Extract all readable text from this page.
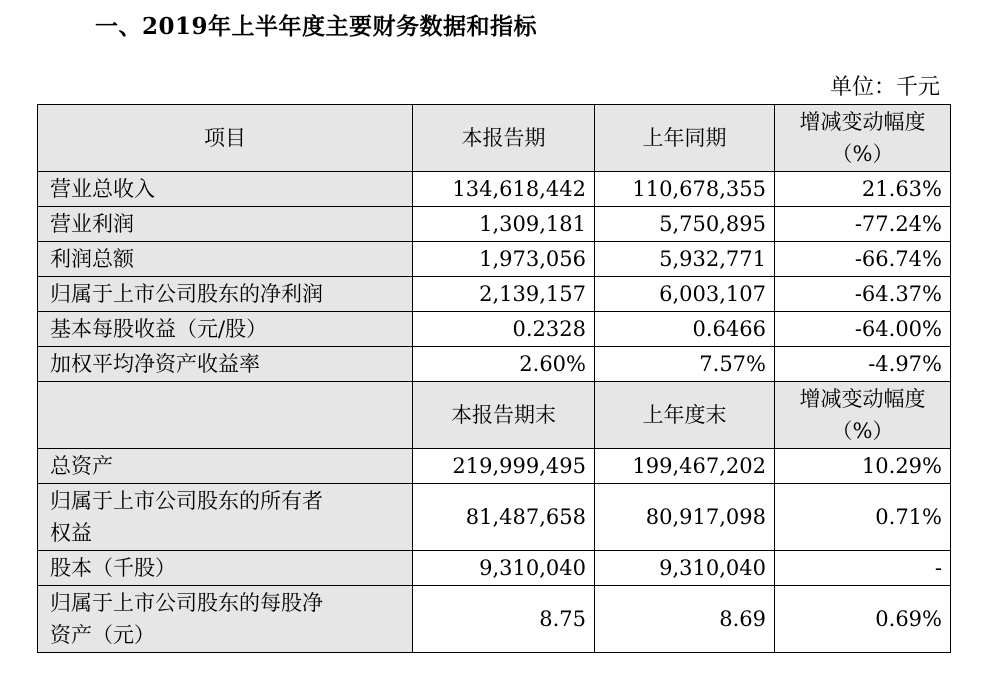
一、2019年上半年度主要财务数据和指标
单位：千元
项目	本报告期	上年同期	增减变动幅度
（%）

营业总收入	134,618,442	110,678,355	21.63%
营业利润	1,309,181	5,750,895	-77.24%
利润总额	1,973,056	5,932,771	-66.74%
归属于上市公司股东的净利润	2,139,157	6,003,107	-64.37%
基本每股收益（元/股）	0.2328	0.6466	-64.00%
加权平均净资产收益率	2.60%	7.57%	-4.97%
	本报告期末	上年度末	增减变动幅度
（%）

总资产	219,999,495	199,467,202	10.29%

归属于上市公司股东的所有者
权益	81,487,658	80,917,098	0.71%
股本（千股）	9,310,040	9,310,040	-

归属于上市公司股东的每股净
资产（元）	8.75	8.69	0.69%
